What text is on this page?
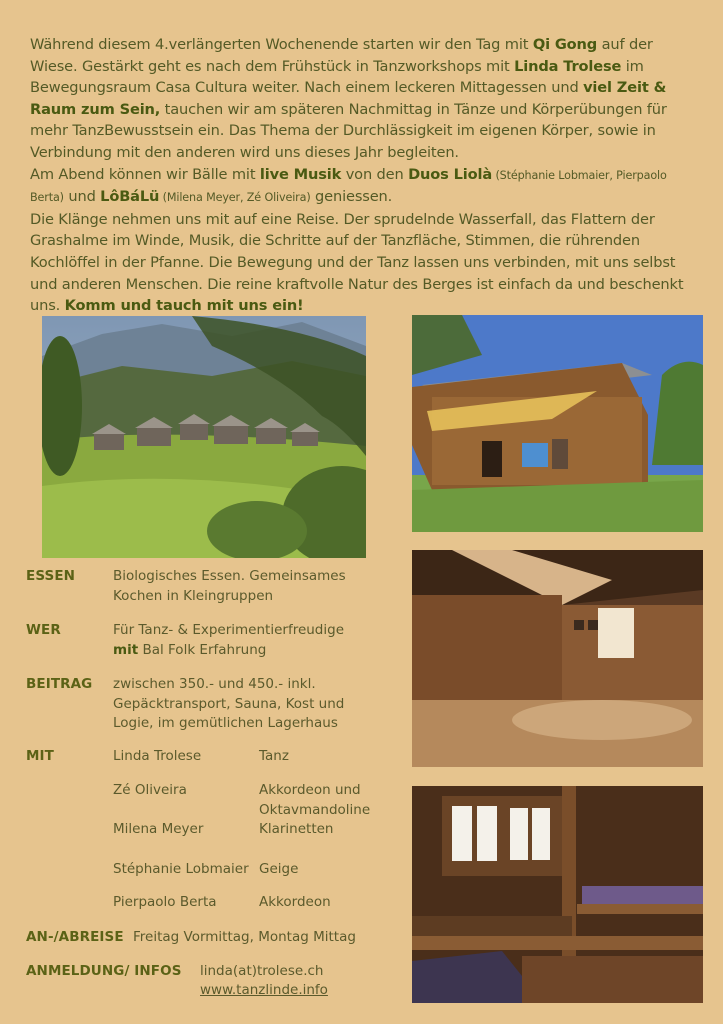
Während diesem 4.verlängerten Wochenende starten wir den Tag mit Qi Gong auf der Wiese. Gestärkt geht es nach dem Frühstück in Tanzworkshops mit Linda Trolese im Bewegungsraum Casa Cultura weiter. Nach einem leckeren Mittagessen und viel Zeit & Raum zum Sein, tauchen wir am späteren Nachmittag in Tänze und Körperübungen für mehr TanzBewusstsein ein. Das Thema der Durchlässigkeit im eigenen Körper, sowie in Verbindung mit den anderen wird uns dieses Jahr begleiten.

Am Abend können wir Bälle mit live Musik von den Duos Liolà (Stéphanie Lobmaier, Pierpaolo Berta) und LôBáLü (Milena Meyer, Zé Oliveira) geniessen.

Die Klänge nehmen uns mit auf eine Reise. Der sprudelnde Wasserfall, das Flattern der Grashalme im Winde, Musik, die Schritte auf der Tanzfläche, Stimmen, die rührenden Kochlöffel in der Pfanne. Die Bewegung und der Tanz lassen uns verbinden, mit uns selbst und anderen Menschen. Die reine kraftvolle Natur des Berges ist einfach da und beschenkt uns. Komm und tauch mit uns ein!

ESSEN	Biologisches Essen. Gemeinsames
Kochen in Kleingruppen
WER	Für Tanz- & Experimentierfreudige
mit Bal Folk Erfahrung
BEITRAG zwischen 350.- und 450.- inkl.
Gepäcktransport, Sauna, Kost und
Logie, im gemütlichen Lagerhaus
MIT	Linda Trolese	Tanz
Zé Oliveira	Akkordeon und
Oktavmandoline
Milena Meyer	Klarinetten
Stéphanie Lobmaier Geige
Pierpaolo Berta	Akkordeon
AN-/ABREISE Freitag Vormittag, Montag Mittag
ANMELDUNG/ INFOS linda(at)trolese.ch
www.tanzlinde.info
